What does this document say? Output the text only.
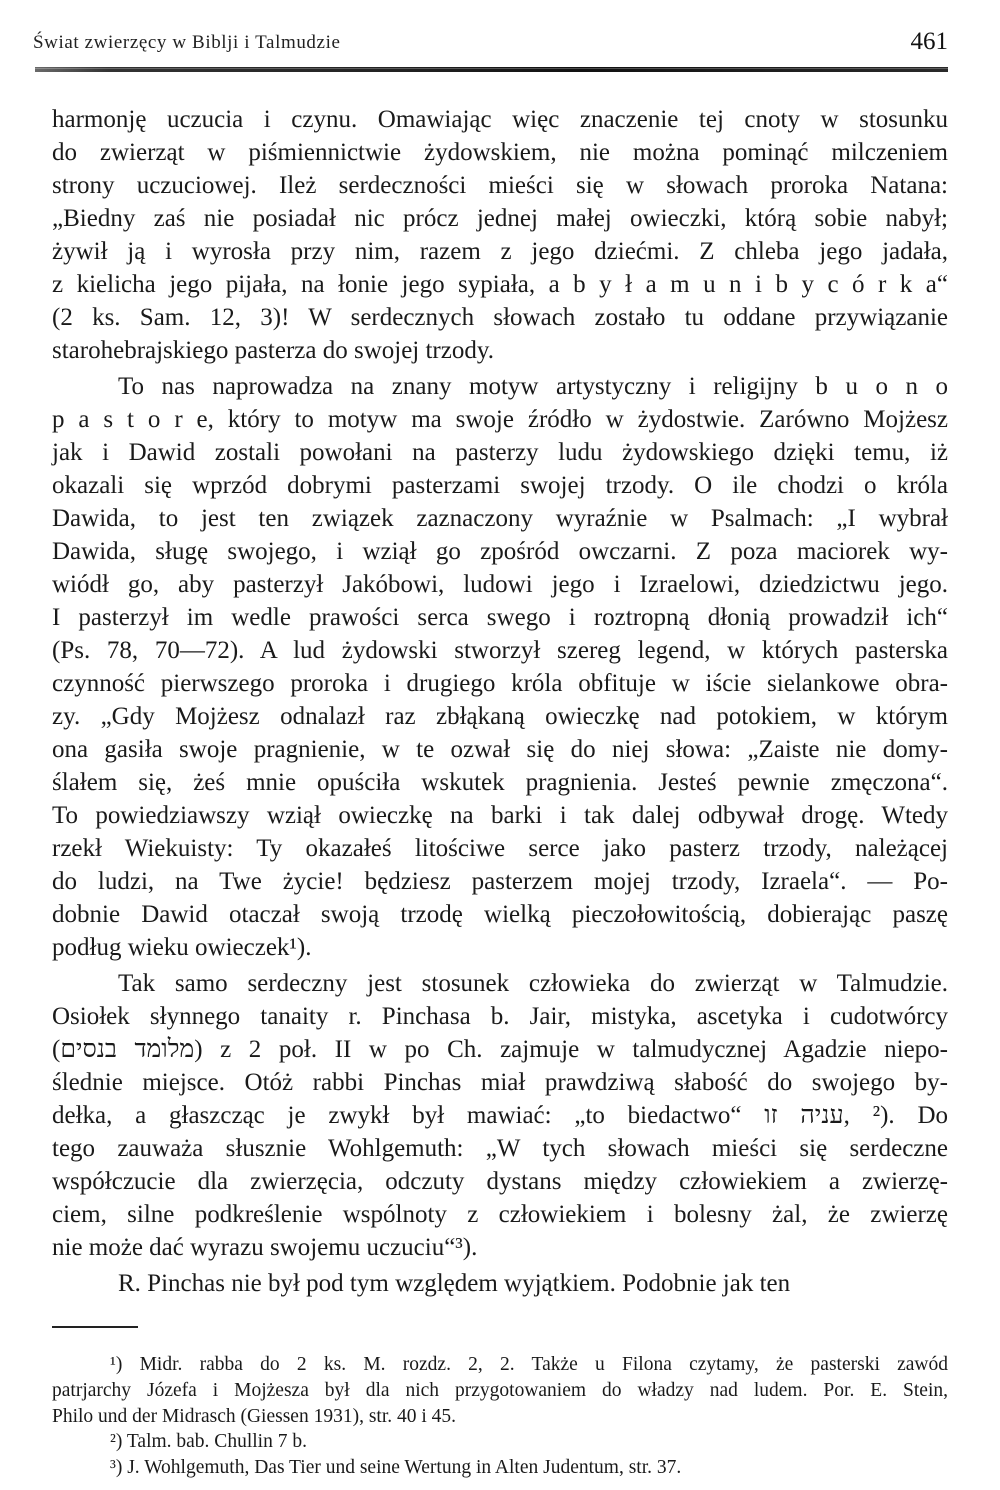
Świat zwierzęcy w Biblji i Talmudzie	461
harmonję uczucia i czynu. Omawiając więc znaczenie tej cnoty w stosunku
do zwierząt w piśmiennictwie żydowskiem, nie można pominąć milczeniem
strony uczuciowej. Ileż serdeczności mieści się w słowach proroka Natana:
„Biedny zaś nie posiadał nic prócz jednej małej owieczki, którą sobie nabył;
żywił ją i wyrosła przy nim, razem z jego dziećmi. Z chleba jego jadała,
z kielicha jego pijała, na łonie jego sypiała, a b y ł a m u n i b y c ó r k a“
(2 ks. Sam. 12, 3)! W serdecznych słowach zostało tu oddane przywiązanie
starohebrajskiego pasterza do swojej trzody.
To nas naprowadza na znany motyw artystyczny i religijny b u o n o
p a s t o r e, który to motyw ma swoje źródło w żydostwie. Zarówno Mojżesz
jak i Dawid zostali powołani na pasterzy ludu żydowskiego dzięki temu, iż
okazali się wprzód dobrymi pasterzami swojej trzody. O ile chodzi o króla
Dawida, to jest ten związek zaznaczony wyraźnie w Psalmach: „I wybrał
Dawida, sługę swojego, i wziął go zpośród owczarni. Z poza maciorek wy-
wiódł go, aby pasterzył Jakóbowi, ludowi jego i Izraelowi, dziedzictwu jego.
I pasterzył im wedle prawości serca swego i roztropną dłonią prowadził ich“
(Ps. 78, 70—72). A lud żydowski stworzył szereg legend, w których pasterska
czynność pierwszego proroka i drugiego króla obfituje w iście sielankowe obra-
zy. „Gdy Mojżesz odnalazł raz zbłąkaną owieczkę nad potokiem, w którym
ona gasiła swoje pragnienie, w te ozwał się do niej słowa: „Zaiste nie domy-
ślałem się, żeś mnie opuściła wskutek pragnienia. Jesteś pewnie zmęczona“.
To powiedziawszy wziął owieczkę na barki i tak dalej odbywał drogę. Wtedy
rzekł Wiekuisty: Ty okazałeś litościwe serce jako pasterz trzody, należącej
do ludzi, na Twe życie! będziesz pasterzem mojej trzody, Izraela“. — Po-
dobnie Dawid otaczał swoją trzodę wielką pieczołowitością, dobierając paszę
podług wieku owieczek¹).
Tak samo serdeczny jest stosunek człowieka do zwierząt w Talmudzie.
Osiołek słynnego tanaity r. Pinchasa b. Jair, mistyka, ascetyka i cudotwórcy
(מלומד בנסים) z 2 poł. II w po Ch. zajmuje w talmudycznej Agadzie niepo-
ślednie miejsce. Otóż rabbi Pinchas miał prawdziwą słabość do swojego by-
dełka, a głaszcząc je zwykł był mawiać: „to biedactwo“ ⁦עניה זו,⁩ ²). Do
tego zauważa słusznie Wohlgemuth: „W tych słowach mieści się serdeczne
współczucie dla zwierzęcia, odczuty dystans między człowiekiem a zwierzę-
ciem, silne podkreślenie wspólnoty z człowiekiem i bolesny żal, że zwierzę
nie może dać wyrazu swojemu uczuciu“³).
R. Pinchas nie był pod tym względem wyjątkiem. Podobnie jak ten
¹) Midr. rabba do 2 ks. M. rozdz. 2, 2. Także u Filona czytamy, że pasterski zawód
patrjarchy Józefa i Mojżesza był dla nich przygotowaniem do władzy nad ludem. Por. E. Stein,
Philo und der Midrasch (Giessen 1931), str. 40 i 45.
²) Talm. bab. Chullin 7 b.
³) J. Wohlgemuth, Das Tier und seine Wertung in Alten Judentum, str. 37.
